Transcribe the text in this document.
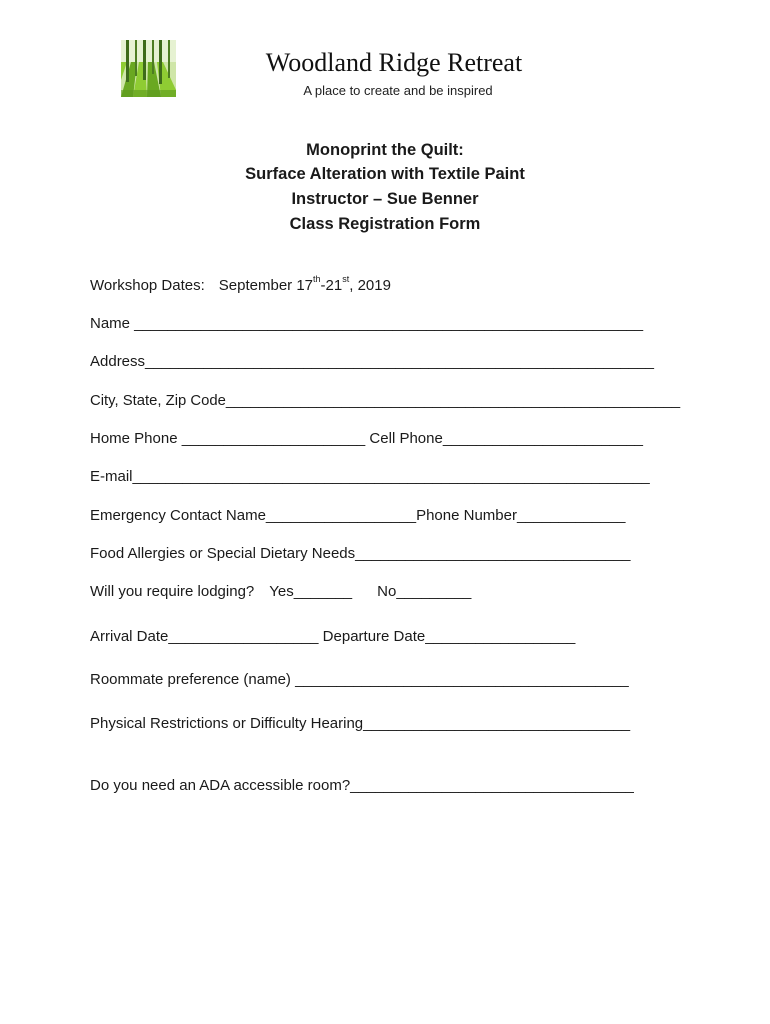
Woodland Ridge Retreat
A place to create and be inspired
Monoprint the Quilt:
Surface Alteration with Textile Paint
Instructor – Sue Benner
Class Registration Form
Workshop Dates: September 17th-21st, 2019
Name _____________________________________________________________
Address_____________________________________________________________
City, State, Zip Code_______________________________________________________
Home Phone ______________________ Cell Phone________________________
E-mail______________________________________________________________
Emergency Contact Name__________________Phone Number_____________
Food Allergies or Special Dietary Needs_________________________________
Will you require lodging? Yes_______ No_________
Arrival Date__________________ Departure Date__________________
Roommate preference (name) ________________________________________
Physical Restrictions or Difficulty Hearing________________________________
Do you need an ADA accessible room?__________________________________
